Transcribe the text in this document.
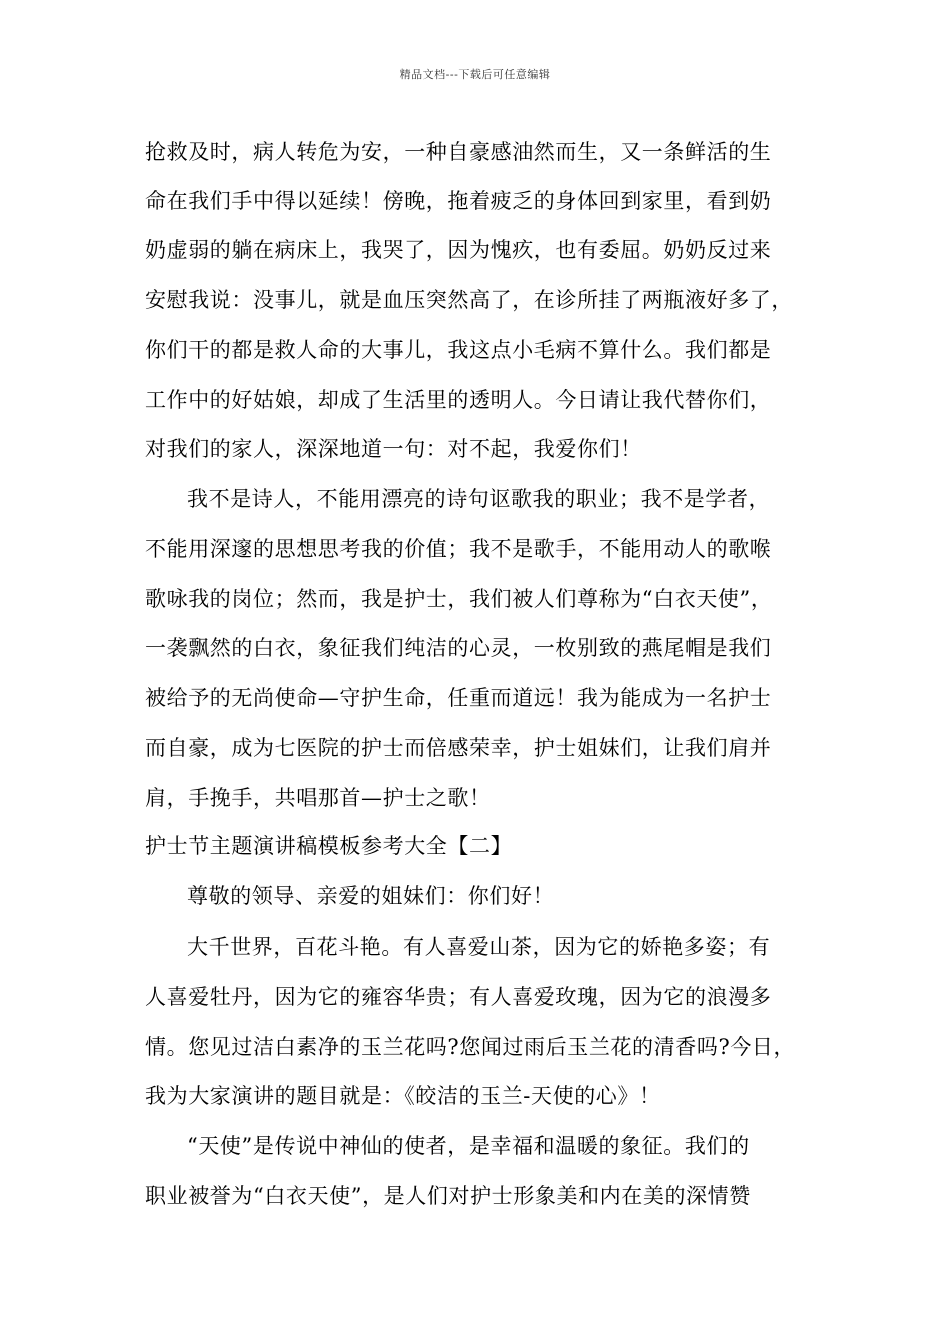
精品文档---下载后可任意编辑
抢救及时，病人转危为安，一种自豪感油然而生，又一条鲜活的生
命在我们手中得以延续！傍晚，拖着疲乏的身体回到家里，看到奶
奶虚弱的躺在病床上，我哭了，因为愧疚，也有委屈。奶奶反过来
安慰我说：没事儿，就是血压突然高了，在诊所挂了两瓶液好多了，
你们干的都是救人命的大事儿，我这点小毛病不算什么。我们都是
工作中的好姑娘，却成了生活里的透明人。今日请让我代替你们，
对我们的家人，深深地道一句：对不起，我爱你们！
我不是诗人，不能用漂亮的诗句讴歌我的职业；我不是学者，
不能用深邃的思想思考我的价值；我不是歌手，不能用动人的歌喉
歌咏我的岗位；然而，我是护士，我们被人们尊称为“白衣天使”，
一袭飘然的白衣，象征我们纯洁的心灵，一枚别致的燕尾帽是我们
被给予的无尚使命—守护生命，任重而道远！我为能成为一名护士
而自豪，成为七医院的护士而倍感荣幸，护士姐妹们，让我们肩并
肩，手挽手，共唱那首—护士之歌！
护士节主题演讲稿模板参考大全【二】
尊敬的领导、亲爱的姐妹们：你们好！
大千世界，百花斗艳。有人喜爱山茶，因为它的娇艳多姿；有
人喜爱牡丹，因为它的雍容华贵；有人喜爱玫瑰，因为它的浪漫多
情。您见过洁白素净的玉兰花吗?您闻过雨后玉兰花的清香吗?今日，
我为大家演讲的题目就是：《皎洁的玉兰-天使的心》！
“天使”是传说中神仙的使者，是幸福和温暖的象征。我们的
职业被誉为“白衣天使”，是人们对护士形象美和内在美的深情赞
